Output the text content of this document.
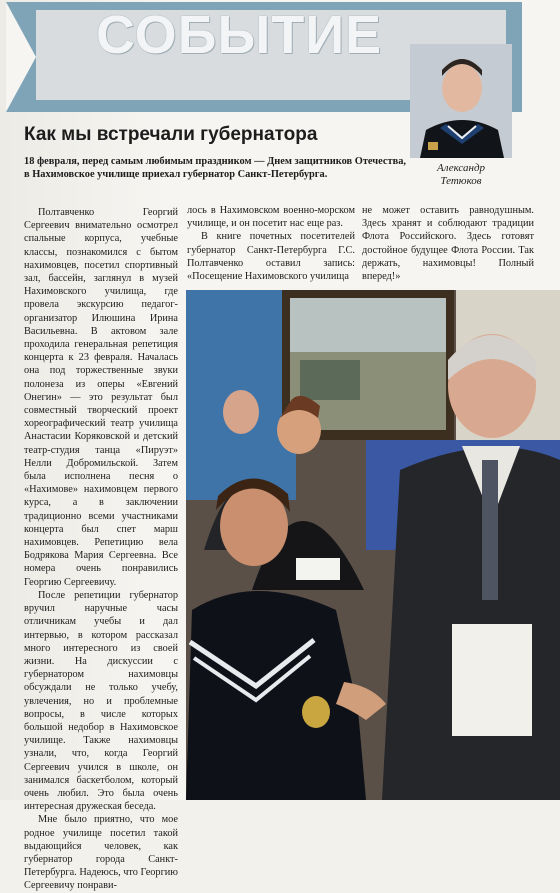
СОБЫТИЕ
Александр
Тетюков
Как мы встречали губернатора
18 февраля, перед самым любимым праздником — Днем защитников Отечества, в Нахимовское училище приехал губернатор Санкт-Петербурга.

Полтавченко Георгий Сергеевич внимательно осмотрел спальные корпуса, учебные классы, познакомился с бытом нахимовцев, посетил спортивный зал, бассейн, заглянул в музей Нахимовского училища, где провела экскурсию педагог-организатор Илюшина Ирина Васильевна. В актовом зале проходила генеральная репетиция концерта к 23 февраля. Началась она под торжественные звуки полонеза из оперы «Евгений Онегин» — это результат был совместный творческий проект хореографический театр училища Анастасии Коряковской и детский театр-студия танца «Пируэт» Нелли Добромильской. Затем была исполнена песня о «Нахимове» нахимовцем первого курса, а в заключении традиционно всеми участниками концерта был спет марш нахимовцев. Репетицию вела Бодрякова Мария Сергеевна. Все номера очень понравились Георгию Сергеевичу.

После репетиции губернатор вручил наручные часы отличникам учебы и дал интервью, в котором рассказал много интересного из своей жизни. На дискуссии с губернатором нахимовцы обсуждали не только учебу, увлечения, но и проблемные вопросы, в числе которых большой недобор в Нахимовское училище. Также нахимовцы узнали, что, когда Георгий Сергеевич учился в школе, он занимался баскетболом, который очень любил. Это была очень интересная дружеская беседа.

Мне было приятно, что мое родное училище посетил такой выдающийся человек, как губернатор города Санкт-Петербурга. Надеюсь, что Георгию Сергеевичу понрави-

лось в Нахимовском военно-морском училище, и он посетит нас еще раз.

В книге почетных посетителей губернатор Санкт-Петербурга Г.С. Полтавченко оставил запись: «Посещение Нахимовского училища

не может оставить равнодушным. Здесь хранят и соблюдают традиции Флота Российского. Здесь готовят достойное будущее Флота России. Так держать, нахимовцы! Полный вперед!»
